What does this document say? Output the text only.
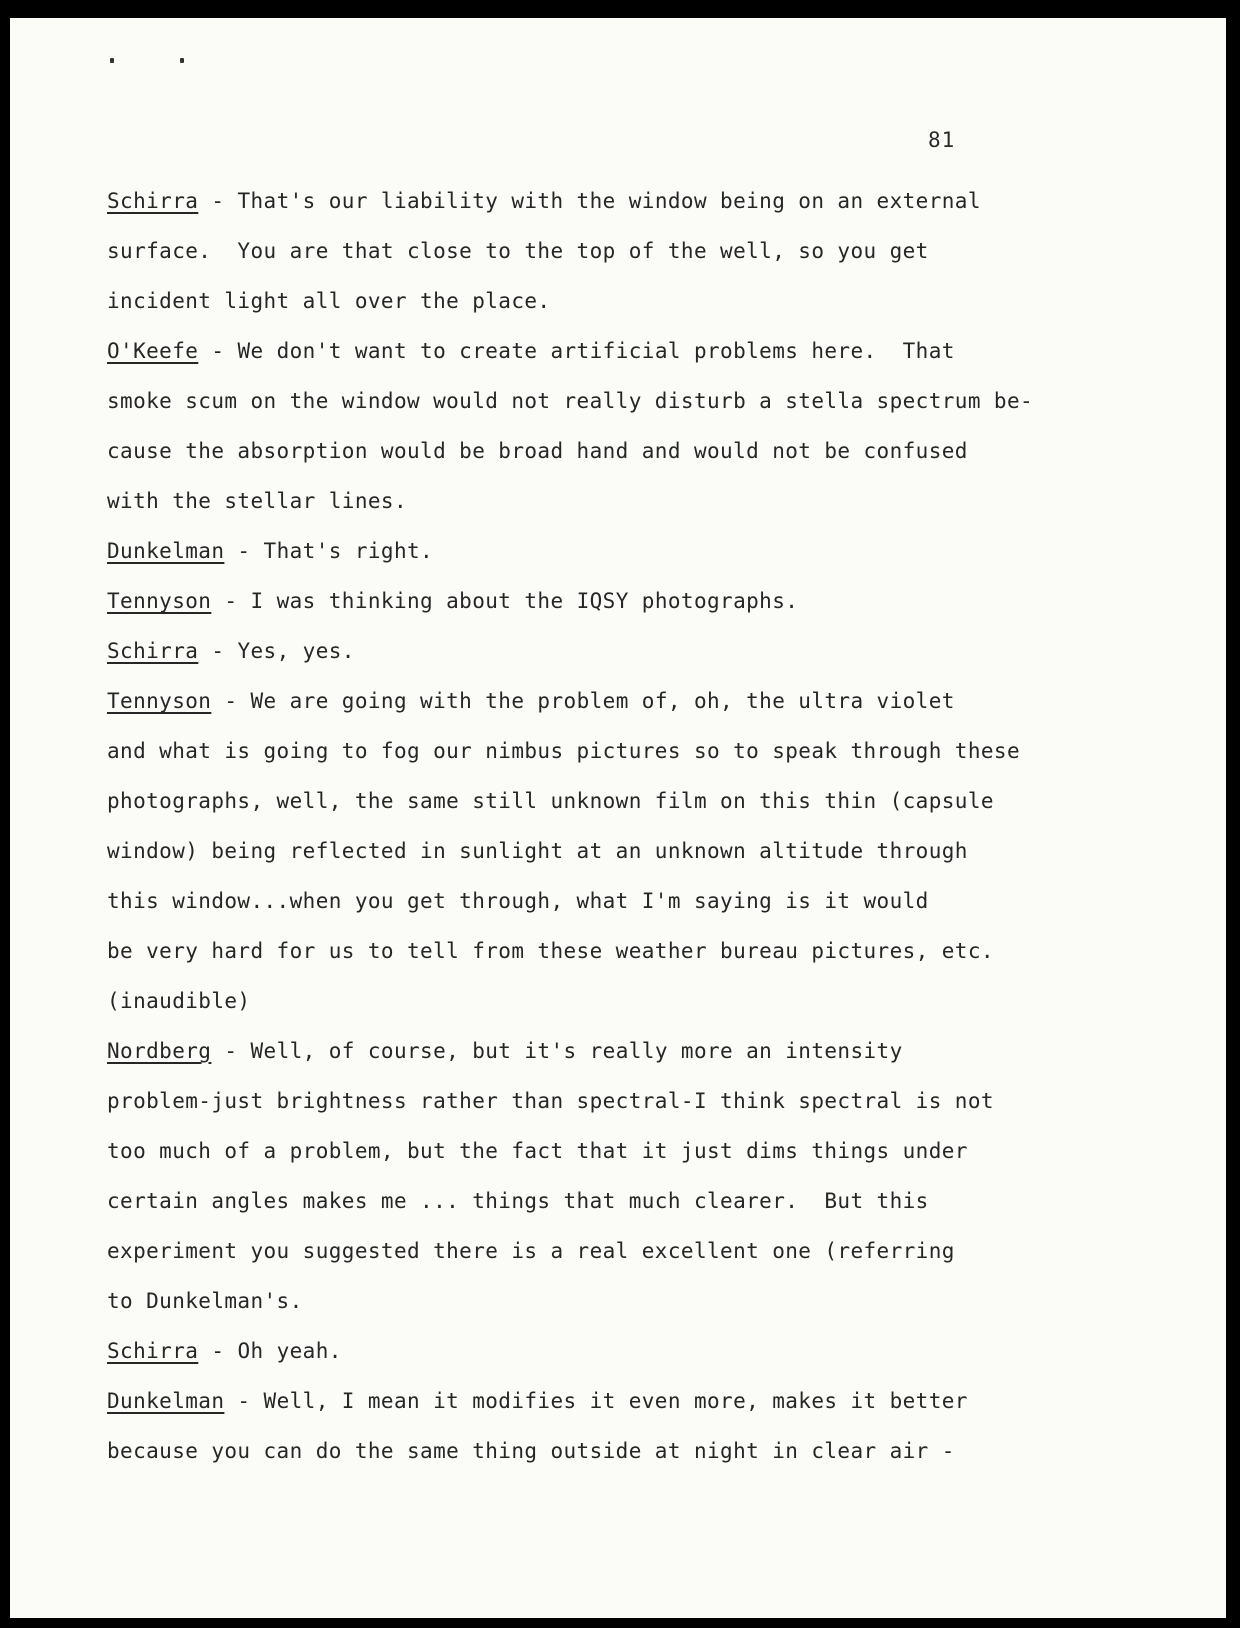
81
Schirra - That's our liability with the window being on an external
surface.  You are that close to the top of the well, so you get
incident light all over the place.
O'Keefe - We don't want to create artificial problems here.  That
smoke scum on the window would not really disturb a stella spectrum be-
cause the absorption would be broad hand and would not be confused
with the stellar lines.
Dunkelman - That's right.
Tennyson - I was thinking about the IQSY photographs.
Schirra - Yes, yes.
Tennyson - We are going with the problem of, oh, the ultra violet
and what is going to fog our nimbus pictures so to speak through these
photographs, well, the same still unknown film on this thin (capsule
window) being reflected in sunlight at an unknown altitude through
this window...when you get through, what I'm saying is it would
be very hard for us to tell from these weather bureau pictures, etc.
(inaudible)
Nordberg - Well, of course, but it's really more an intensity
problem-just brightness rather than spectral-I think spectral is not
too much of a problem, but the fact that it just dims things under
certain angles makes me ... things that much clearer.  But this
experiment you suggested there is a real excellent one (referring
to Dunkelman's.
Schirra - Oh yeah.
Dunkelman - Well, I mean it modifies it even more, makes it better
because you can do the same thing outside at night in clear air -
